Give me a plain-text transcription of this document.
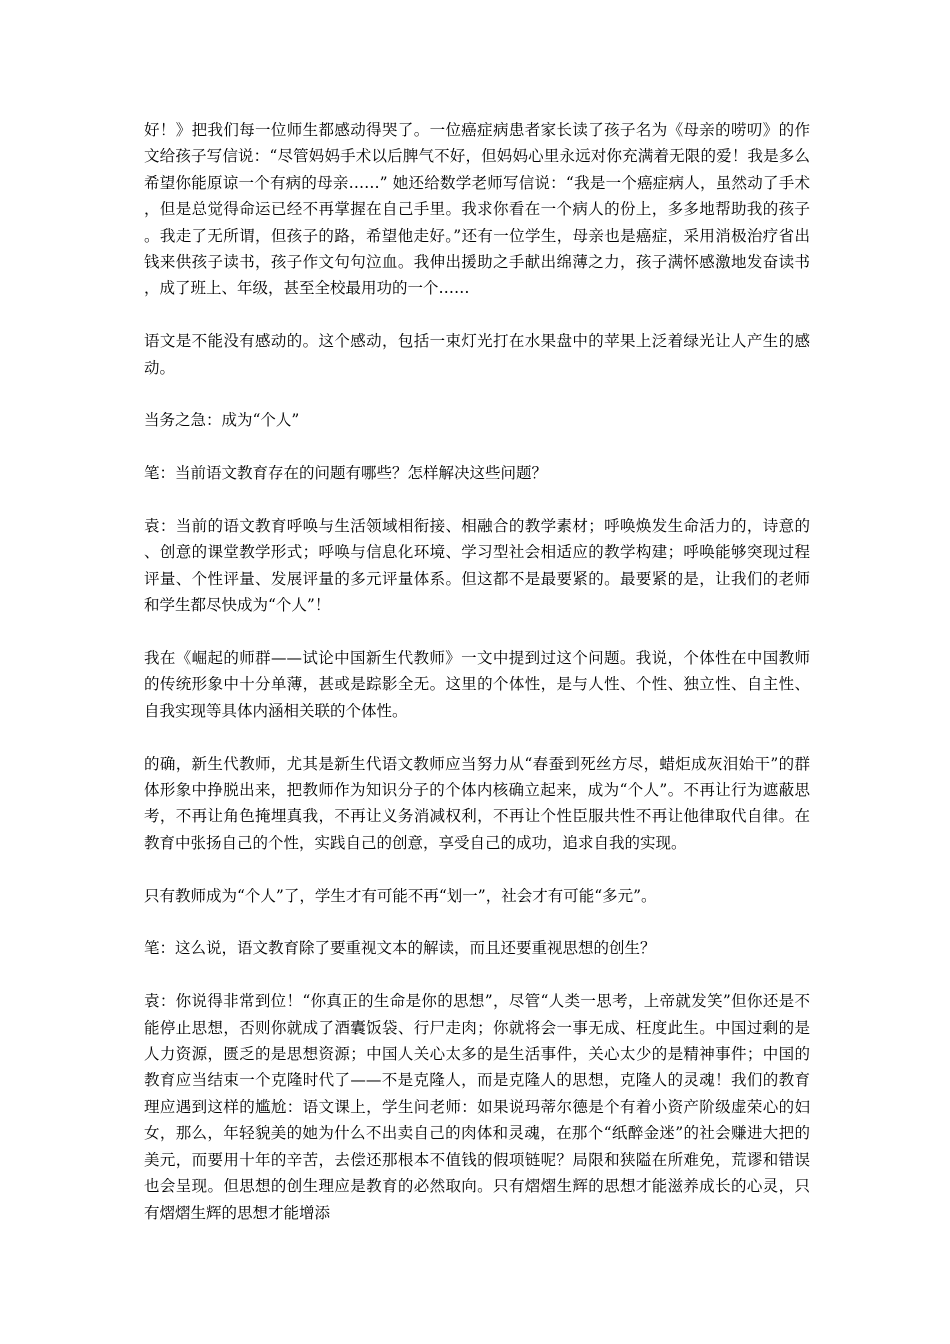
好！》把我们每一位师生都感动得哭了。一位癌症病患者家长读了孩子名为《母亲的唠叨》的作文给孩子写信说：“尽管妈妈手术以后脾气不好，但妈妈心里永远对你充满着无限的爱！我是多么希望你能原谅一个有病的母亲……” 她还给数学老师写信说：“我是一个癌症病人，虽然动了手术，但是总觉得命运已经不再掌握在自己手里。我求你看在一个病人的份上，多多地帮助我的孩子。我走了无所谓，但孩子的路，希望他走好。”还有一位学生，母亲也是癌症，采用消极治疗省出钱来供孩子读书，孩子作文句句泣血。我伸出援助之手献出绵薄之力，孩子满怀感激地发奋读书，成了班上、年级，甚至全校最用功的一个……

语文是不能没有感动的。这个感动，包括一束灯光打在水果盘中的苹果上泛着绿光让人产生的感动。

当务之急：成为“个人”

笔：当前语文教育存在的问题有哪些？怎样解决这些问题？

袁：当前的语文教育呼唤与生活领域相衔接、相融合的教学素材；呼唤焕发生命活力的，诗意的、创意的课堂教学形式；呼唤与信息化环境、学习型社会相适应的教学构建；呼唤能够突现过程评量、个性评量、发展评量的多元评量体系。但这都不是最要紧的。最要紧的是，让我们的老师和学生都尽快成为“个人”！

我在《崛起的师群——试论中国新生代教师》一文中提到过这个问题。我说，个体性在中国教师的传统形象中十分单薄，甚或是踪影全无。这里的个体性，是与人性、个性、独立性、自主性、自我实现等具体内涵相关联的个体性。

的确，新生代教师，尤其是新生代语文教师应当努力从“春蚕到死丝方尽，蜡炬成灰泪始干”的群体形象中挣脱出来，把教师作为知识分子的个体内核确立起来，成为“个人”。不再让行为遮蔽思考，不再让角色掩埋真我，不再让义务消减权利，不再让个性臣服共性不再让他律取代自律。在教育中张扬自己的个性，实践自己的创意，享受自己的成功，追求自我的实现。

只有教师成为“个人”了，学生才有可能不再“划一”，社会才有可能“多元”。

笔：这么说，语文教育除了要重视文本的解读，而且还要重视思想的创生？

袁：你说得非常到位！“你真正的生命是你的思想”，尽管“人类一思考，上帝就发笑”但你还是不能停止思想，否则你就成了酒囊饭袋、行尸走肉；你就将会一事无成、枉度此生。中国过剩的是人力资源，匮乏的是思想资源；中国人关心太多的是生活事件，关心太少的是精神事件；中国的教育应当结束一个克隆时代了——不是克隆人，而是克隆人的思想，克隆人的灵魂！我们的教育理应遇到这样的尴尬：语文课上，学生问老师：如果说玛蒂尔德是个有着小资产阶级虚荣心的妇女，那么，年轻貌美的她为什么不出卖自己的肉体和灵魂，在那个“纸醉金迷”的社会赚进大把的美元，而要用十年的辛苦，去偿还那根本不值钱的假项链呢？局限和狭隘在所难免，荒谬和错误也会呈现。但思想的创生理应是教育的必然取向。只有熠熠生辉的思想才能滋养成长的心灵，只有熠熠生辉的思想才能增添
